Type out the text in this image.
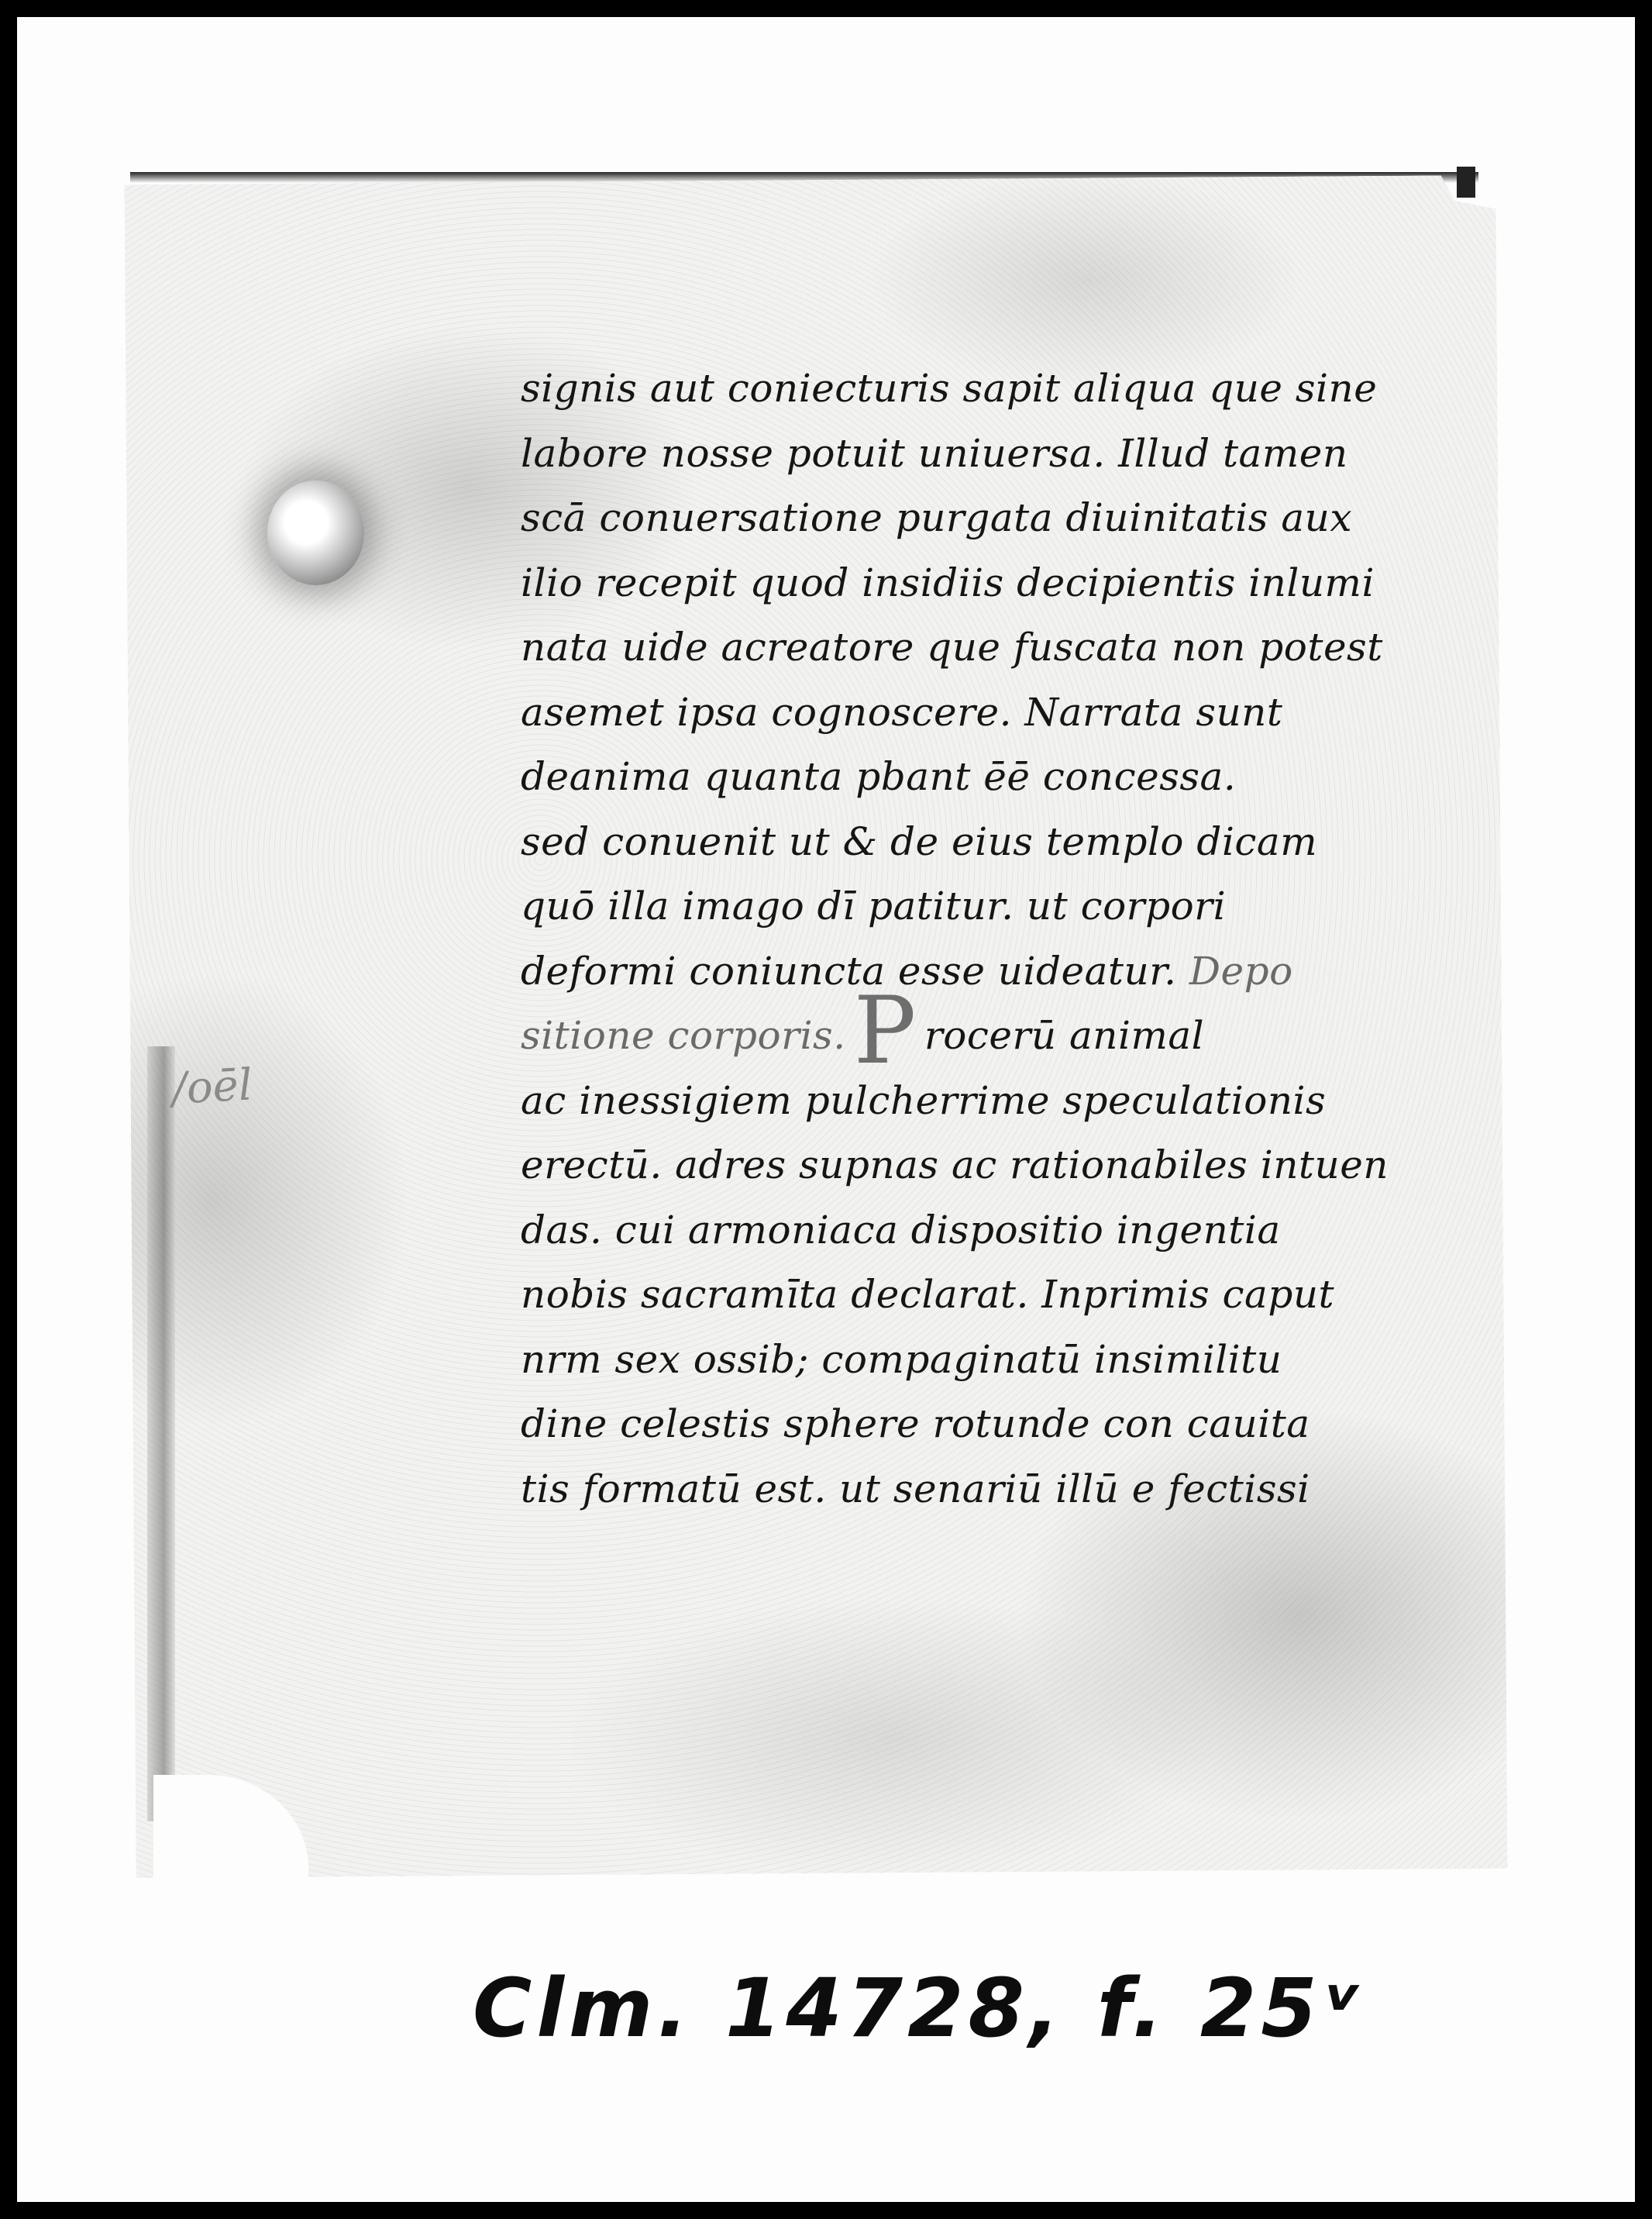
/oēl
signis aut coniecturis sapit aliqua que sine
labore nosse potuit uniuersa. Illud tamen
scā conuersatione purgata diuinitatis aux
ilio recepit quod insidiis decipientis inlumi
nata uide acreatore que fuscata non potest
asemet ipsa cognoscere. Narrata sunt
deanima quanta pbant ēē concessa.
sed conuenit ut & de eius templo dicam
quō illa imago dī patitur. ut corpori
deformi coniuncta esse uideatur. Depo
sitione corporis.P rocerū animal
ac inessigiem pulcherrime speculationis
erectū. adres supnas ac rationabiles intuen
das. cui armoniaca dispositio ingentia
nobis sacramīta declarat. Inprimis caput
nrm sex ossib; compaginatū insimilitu
dine celestis sphere rotunde con cauita
tis formatū est. ut senariū illū e fectissi
Clm. 14728, f. 25ᵛ
